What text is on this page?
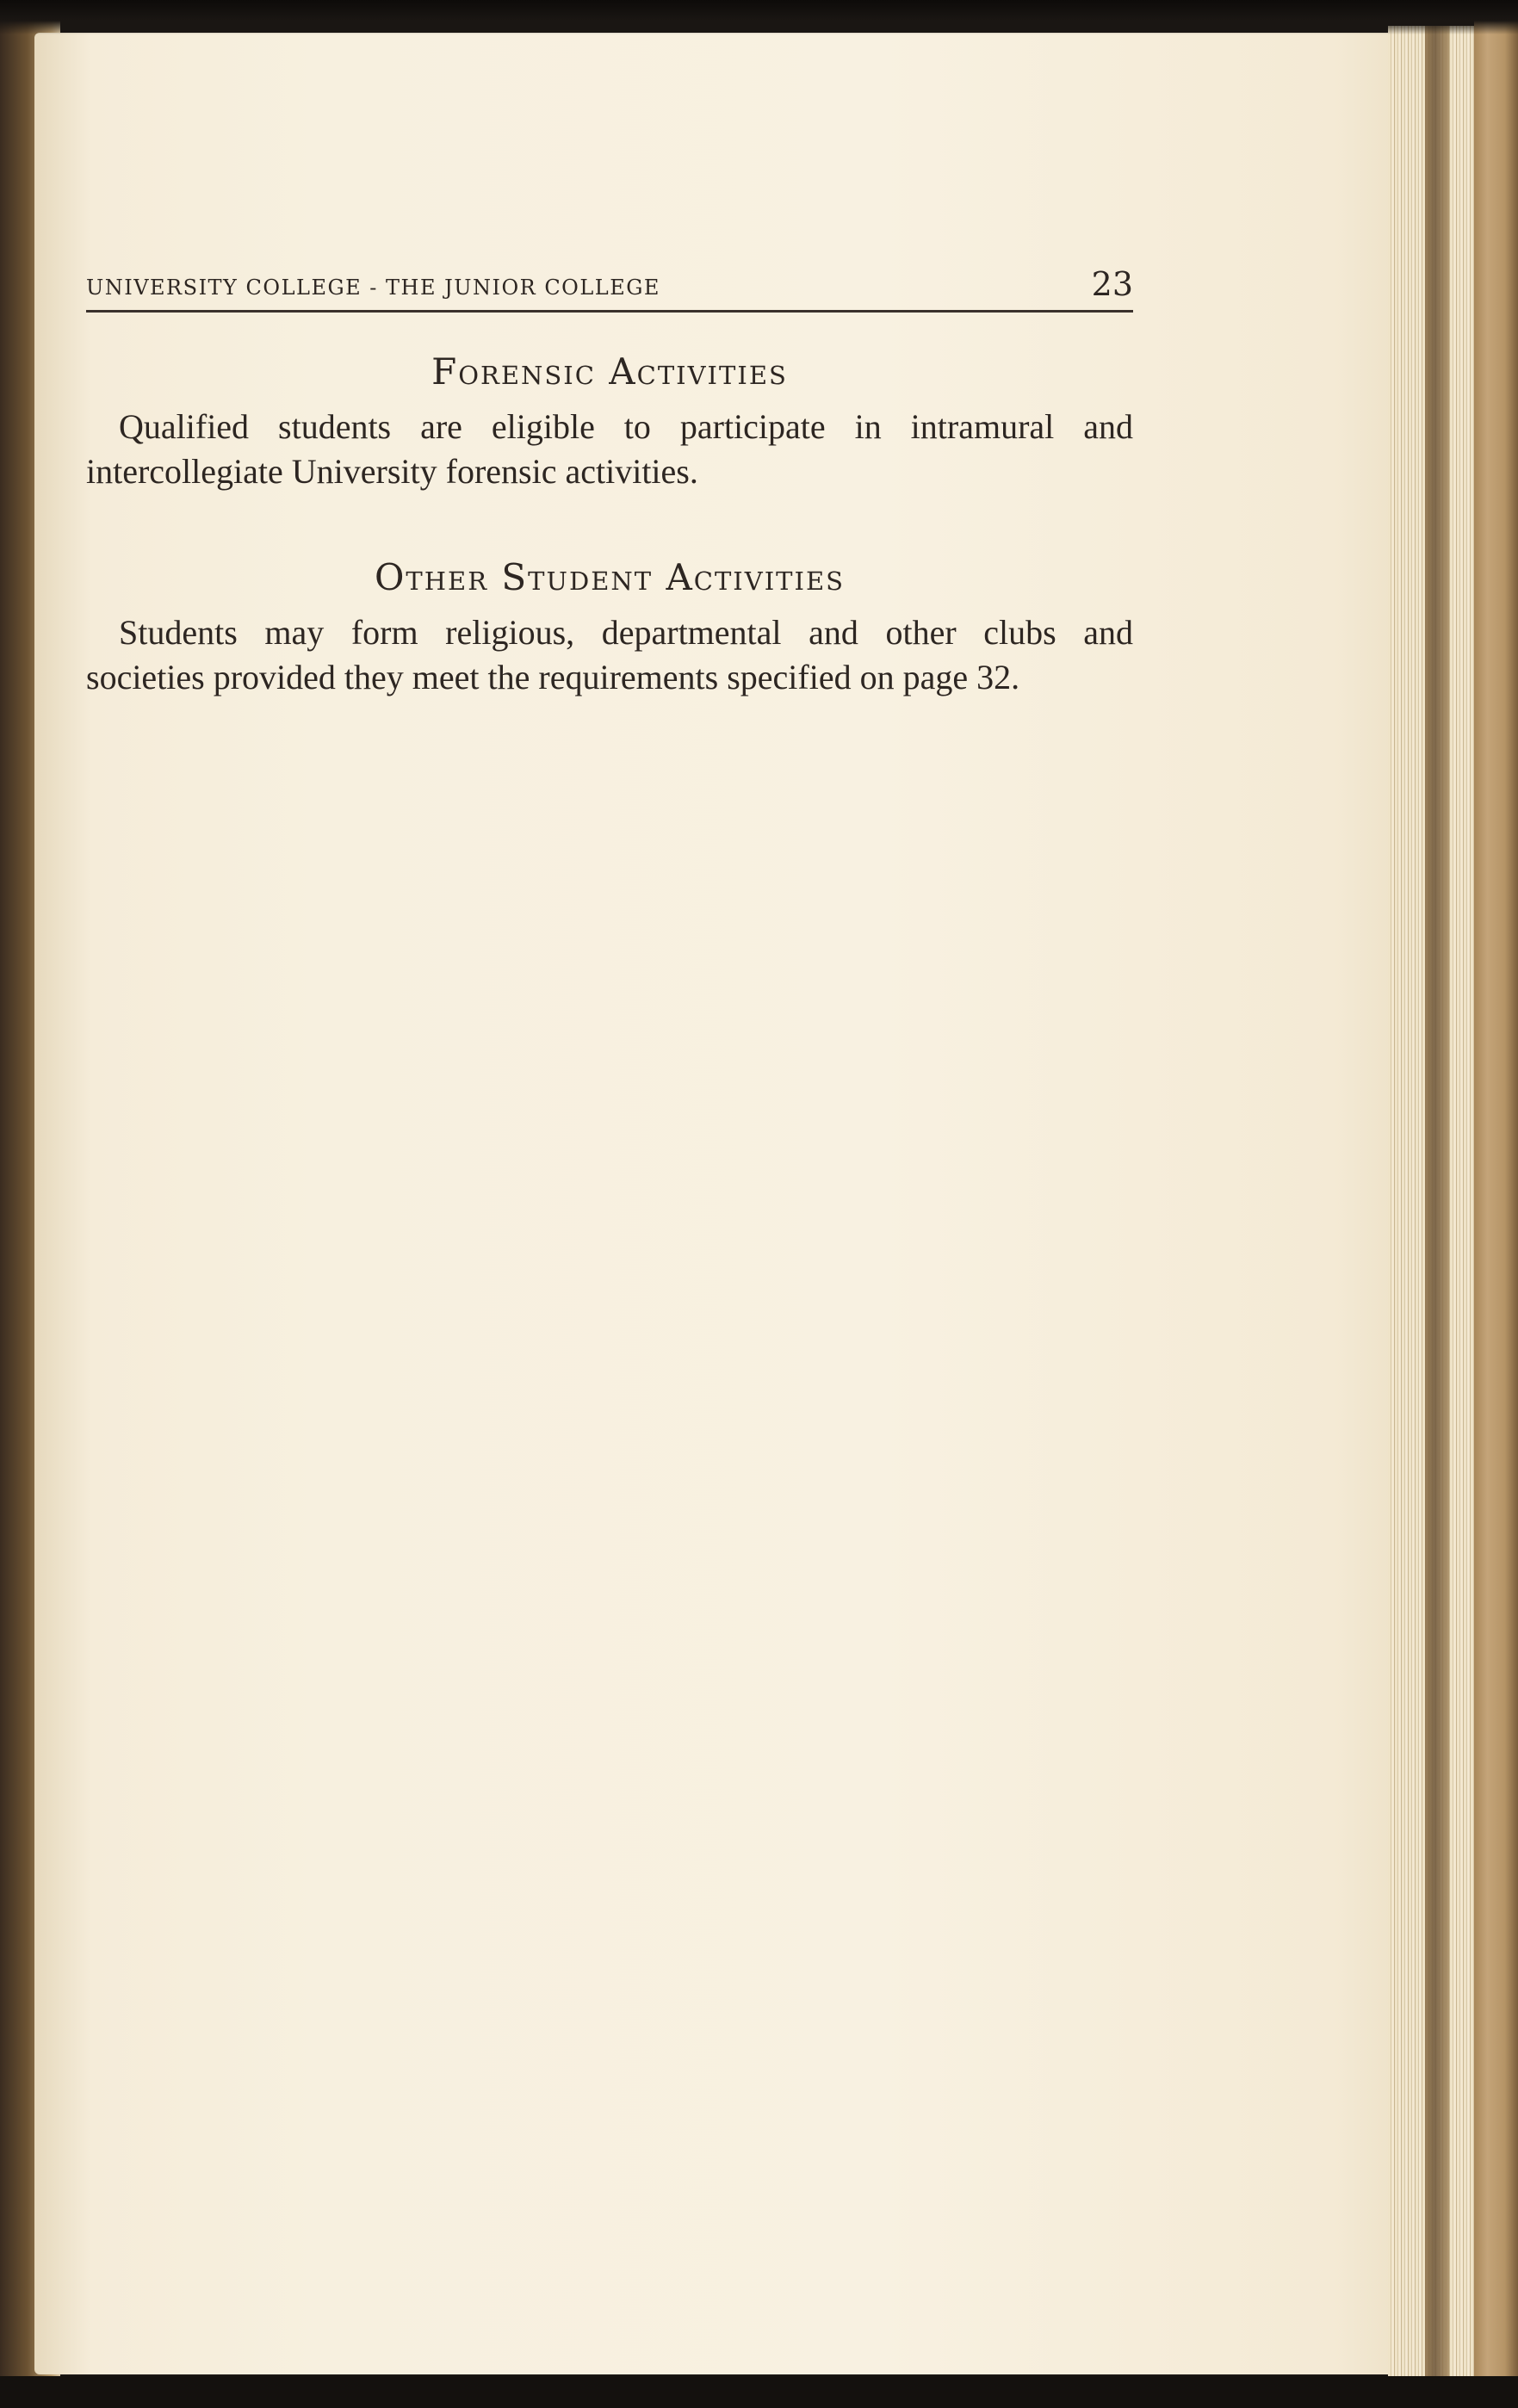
UNIVERSITY COLLEGE - THE JUNIOR COLLEGE	23
Forensic Activities

Qualified students are eligible to participate in intramural and
intercollegiate University forensic activities.

Other Student Activities

Students may form religious, departmental and other clubs and
societies provided they meet the requirements specified on page 32.
